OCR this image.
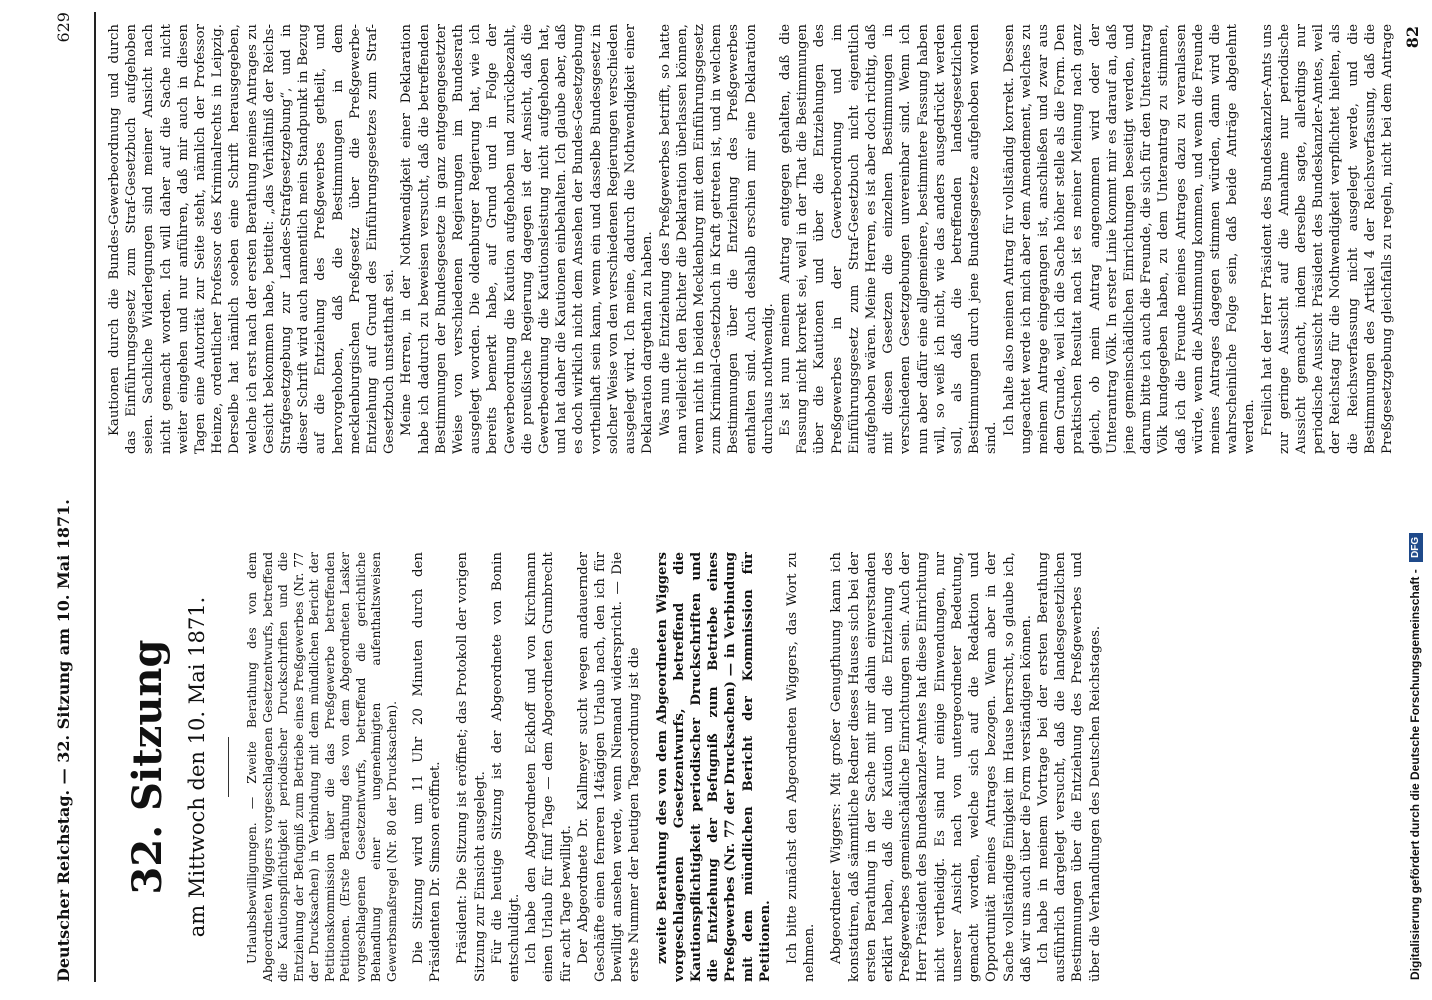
Deutscher Reichstag. — 32. Sitzung am 10. Mai 1871.
629
32. Sitzung am Mittwoch den 10. Mai 1871.	Urlaubsbewilligungen. — Zweite Berathung des von dem Abgeordneten Wiggers vorgeschlagenen Gesetzentwurfs, betreffend die Kautionspflichtigkeit periodischer Druckschriften und die Entziehung der Befugniß zum Betriebe eines Preßgewerbes (Nr. 77 der Drucksachen) in Verbindung mit dem mündlichen Bericht der Petitionskommission über die das Preßgewerbe betreffenden Petitionen. (Erste Berathung des von dem Abgeordneten Lasker vorgeschlagenen Gesetzentwurfs, betreffend die gerichtliche Behandlung einer ungenehmigten aufenthaltsweisen Gewerbsmaßregel (Nr. 80 der Drucksachen). Die Sitzung wird um 11 Uhr 20 Minuten durch den Präsidenten Dr. Simson eröffnet. Präsident: Die Sitzung ist eröffnet; das Protokoll der vorigen Sitzung zur Einsicht ausgelegt. Für die heutige Sitzung ist der Abgeordnete von Bonin entschuldigt. Ich habe den Abgeordneten Eckhoff und von Kirchmann einen Urlaub für fünf Tage — dem Abgeordneten Grumbrecht für acht Tage bewilligt. Der Abgeordnete Dr. Kallmeyer sucht wegen andauernder Geschäfte einen ferneren 14tägigen Urlaub nach, den ich für bewilligt ansehen werde, wenn Niemand widerspricht. — Die erste Nummer der heutigen Tagesordnung ist die zweite Berathung des von dem Abgeordneten Wiggers vorgeschlagenen Gesetzentwurfs, betreffend die Kautionspflichtigkeit periodischer Druckschriften und die Entziehung der Befugniß zum Betriebe eines Preßgewerbes (Nr. 77 der Drucksachen) — in Verbindung mit dem mündlichen Bericht der Kommission für Petitionen. Ich bitte zunächst den Abgeordneten Wiggers, das Wort zu nehmen. Abgeordneter Wiggers: Mit großer Genugthuung kann ich konstatiren, daß sämmtliche Redner dieses Hauses sich bei der ersten Berathung in der Sache mit mir dahin einverstanden erklärt haben, daß die Kaution und die Entziehung des Preßgewerbes gemeinschädliche Einrichtungen sein. Auch der Herr Präsident des Bundeskanzler-Amtes hat diese Einrichtung nicht vertheidigt. Es sind nur einige Einwendungen, nur unserer Ansicht nach von untergeordneter Bedeutung, gemacht worden, welche sich auf die Redaktion und Opportunität meines Antrages bezogen. Wenn aber in der Sache vollständige Einigkeit im Hause herrscht, so glaube ich, daß wir uns auch über die Form verständigen können. Ich habe in meinem Vortrage bei der ersten Berathung ausführlich dargelegt versucht, daß die landesgesetzlichen Bestimmungen über die Entziehung des Preßgewerbes und über die Verhandlungen des Deutschen Reichstages.

Kautionen durch die Bundes-Gewerbeordnung und durch das Einführungsgesetz zum Straf-Gesetzbuch aufgehoben seien. Sachliche Widerlegungen sind meiner Ansicht nach nicht gemacht worden. Ich will daher auf die Sache nicht weiter eingehen und nur anführen, daß mir auch in diesen Tagen eine Autorität zur Seite steht, nämlich der Professor Heinze, ordentlicher Professor des Kriminalrechts in Leipzig. Derselbe hat nämlich soeben eine Schrift herausgegeben, welche ich erst nach der ersten Berathung meines Antrages zu Gesicht bekommen habe, betitelt: „das Verhältniß der Reichs-Strafgesetzgebung zur Landes-Strafgesetzgebung“, und in dieser Schrift wird auch namentlich mein Standpunkt in Bezug auf die Entziehung des Preßgewerbes getheilt, und hervorgehoben, daß die Bestimmungen in dem mecklenburgischen Preßgesetz über die Preßgewerbe-Entziehung auf Grund des Einführungsgesetzes zum Straf-Gesetzbuch unstatthaft sei. Meine Herren, in der Nothwendigkeit einer Deklaration habe ich dadurch zu beweisen versucht, daß die betreffenden Bestimmungen der Bundesgesetze in ganz entgegengesetzter Weise von verschiedenen Regierungen im Bundesrath ausgelegt worden. Die oldenburger Regierung hat, wie ich bereits bemerkt habe, auf Grund und in Folge der Gewerbeordnung die Kaution aufgehoben und zurückbezahlt, die preußische Regierung dagegen ist der Ansicht, daß die Gewerbeordnung die Kautionsleistung nicht aufgehoben hat, und hat daher die Kautionen einbehalten. Ich glaube aber, daß es doch wirklich nicht dem Ansehen der Bundes-Gesetzgebung vortheilhaft sein kann, wenn ein und dasselbe Bundesgesetz in solcher Weise von den verschiedenen Regierungen verschieden ausgelegt wird. Ich meine, dadurch die Nothwendigkeit einer Deklaration dargethan zu haben. Was nun die Entziehung des Preßgewerbes betrifft, so hatte man vielleicht den Richter die Deklaration überlassen können, wenn nicht in beiden Mecklenburg mit dem Einführungsgesetz zum Kriminal-Gesetzbuch in Kraft getreten ist, und in welchem Bestimmungen über die Entziehung des Preßgewerbes enthalten sind. Auch deshalb erschien mir eine Deklaration durchaus nothwendig. Es ist nun meinem Antrag entgegen gehalten, daß die Fassung nicht korrekt sei, weil in der That die Bestimmungen über die Kautionen und über die Entziehungen des Preßgewerbes in der Gewerbeordnung und im Einführungsgesetz zum Straf-Gesetzbuch nicht eigentlich aufgehoben wären. Meine Herren, es ist aber doch richtig, daß mit diesen Gesetzen die einzelnen Bestimmungen in verschiedenen Gesetzgebungen unvereinbar sind. Wenn ich nun aber dafür eine allgemeinere, bestimmtere Fassung haben will, so weiß ich nicht, wie das anders ausgedrückt werden soll, als daß die betreffenden landesgesetzlichen Bestimmungen durch jene Bundesgesetze aufgehoben worden sind.

Ich halte also meinen Antrag für vollständig korrekt. Dessen ungeachtet werde ich mich aber dem Amendement, welches zu meinem Antrage eingegangen ist, anschließen und zwar aus dem Grunde, weil ich die Sache höher stelle als die Form. Den praktischen Resultat nach ist es meiner Meinung nach ganz gleich, ob mein Antrag angenommen wird oder der Unterantrag Völk. In erster Linie kommt mir es darauf an, daß jene gemeinschädlichen Einrichtungen beseitigt werden, und darum bitte ich auch die Freunde, die sich für den Unterantrag Völk kundgegeben haben, zu dem Unterantrag zu stimmen, daß ich die Freunde meines Antrages dazu zu veranlassen würde, wenn die Abstimmung kommen, und wenn die Freunde meines Antrages dagegen stimmen würden, dann wird die wahrscheinliche Folge sein, daß beide Anträge abgelehnt werden. Freilich hat der Herr Präsident des Bundeskanzler-Amts uns zur geringe Aussicht auf die Annahme nur periodische Aussicht gemacht, indem derselbe sagte, allerdings nur periodische Aussicht Präsident des Bundeskanzler-Amtes, weil der Reichstag für die Nothwendigkeit verpflichtet hielten, als die Reichsverfassung nicht ausgelegt werde, und die Bestimmungen des Artikel 4 der Reichsverfassung, daß die Preßgesetzgebung gleichfalls zu regeln, nicht bei dem Antrage 82
Digitalisierung gefördert durch die Deutsche Forschungsgemeinschaft - DFG
